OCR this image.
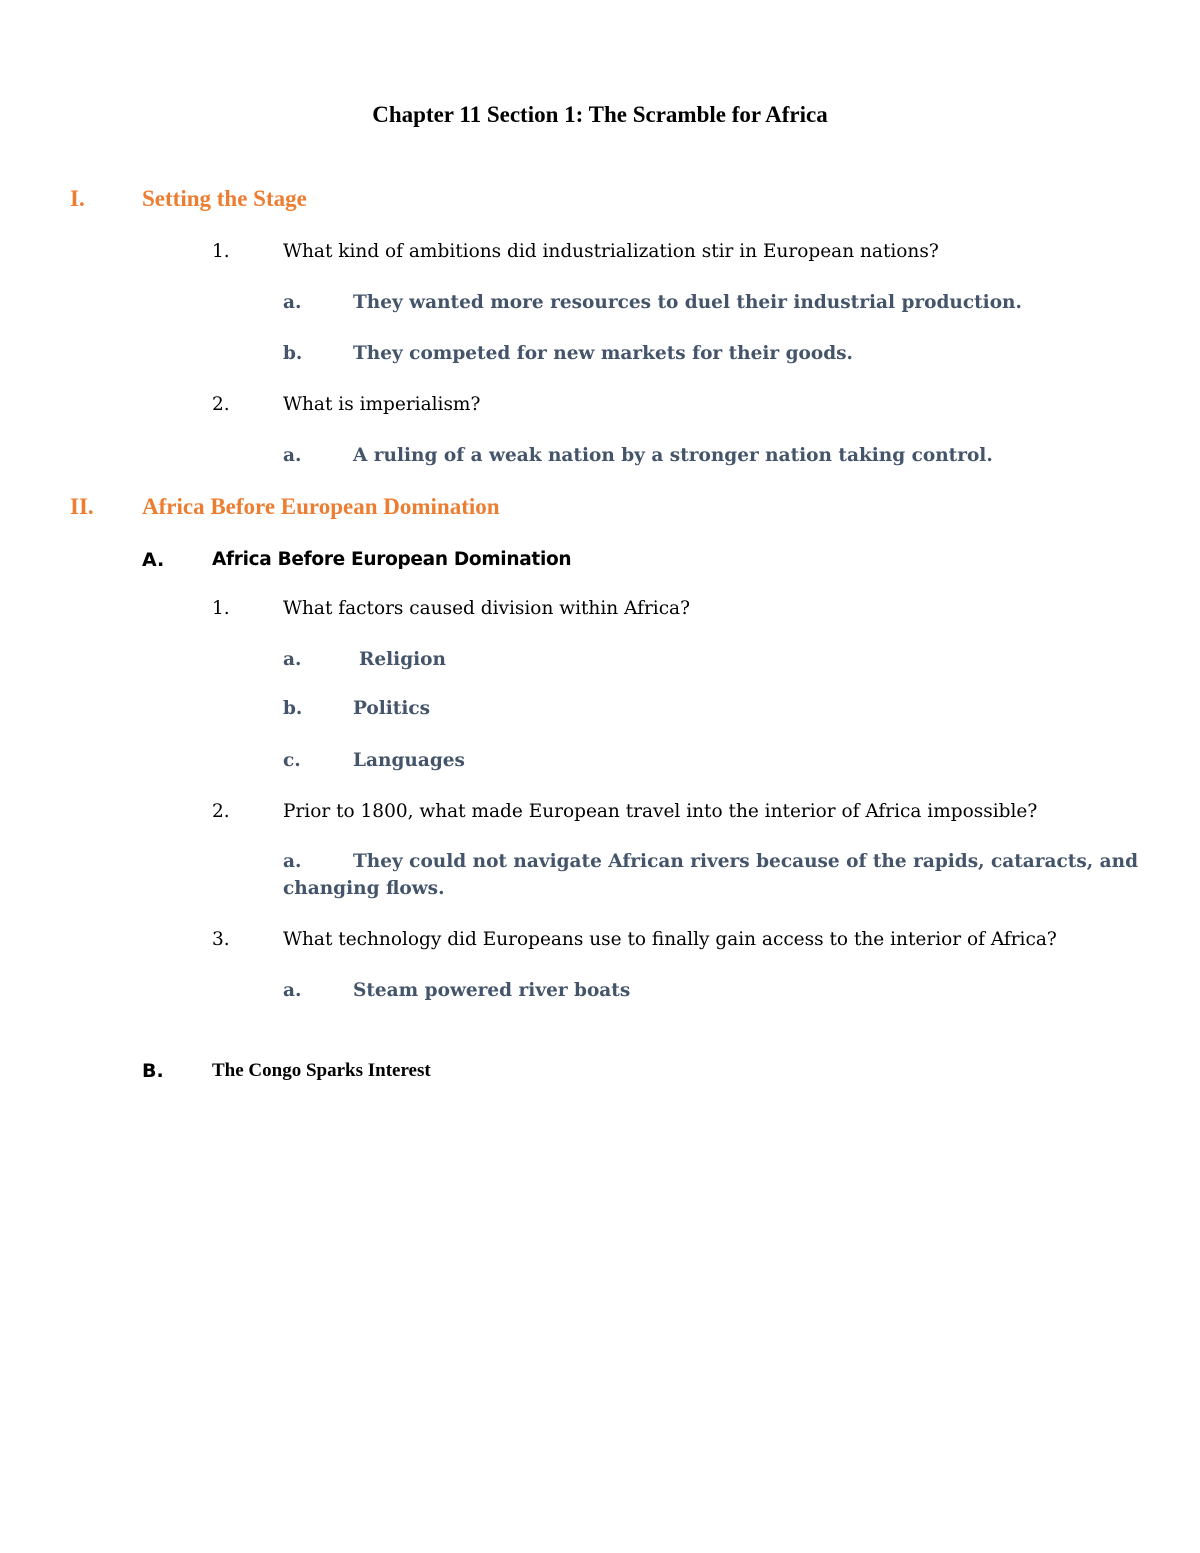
Chapter 11 Section 1: The Scramble for Africa
I. Setting the Stage
1.	What kind of ambitions did industrialization stir in European nations?
a.	They wanted more resources to duel their industrial production.
b.	They competed for new markets for their goods.
2.	What is imperialism?
a.	A ruling of a weak nation by a stronger nation taking control.
II. Africa Before European Domination
A.	Africa Before European Domination
1.	What factors caused division within Africa?
a.	Religion
b.	Politics
c.	Languages
2.	Prior to 1800, what made European travel into the interior of Africa impossible?
a.	They could not navigate African rivers because of the rapids, cataracts, and changing flows.
3.	What technology did Europeans use to finally gain access to the interior of Africa?
a.	Steam powered river boats
B.	The Congo Sparks Interest
